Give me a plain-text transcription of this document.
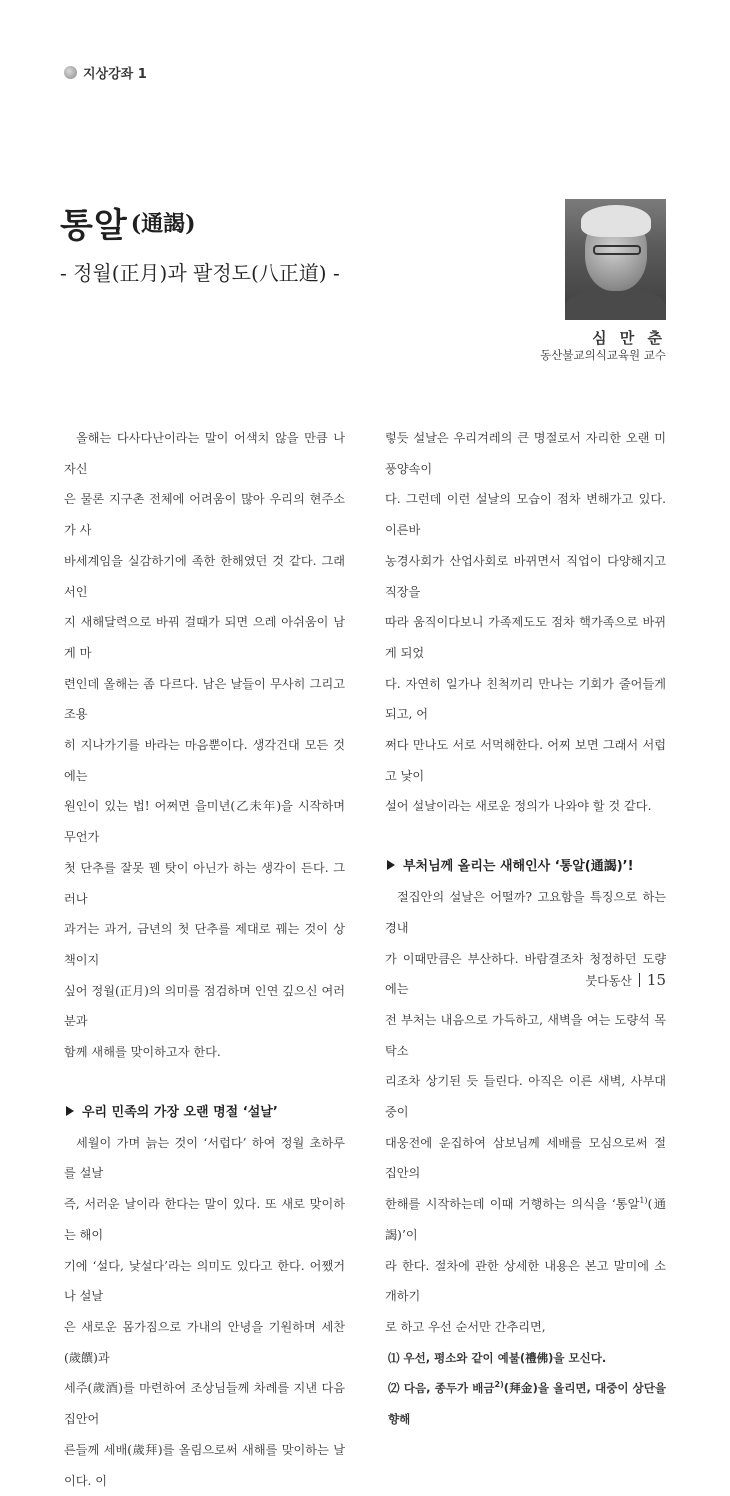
지상강좌 1
통알 (通謁)
- 정월(正月)과 팔정도(八正道) -
심 만 춘
동산불교의식교육원 교수

올해는 다사다난이라는 말이 어색치 않을 만큼 나 자신

은 물론 지구촌 전체에 어려움이 많아 우리의 현주소가 사

바세계임을 실감하기에 족한 한해였던 것 같다. 그래서인

지 새해달력으로 바꿔 걸때가 되면 으레 아쉬움이 남게 마

련인데 올해는 좀 다르다. 남은 날들이 무사히 그리고 조용

히 지나가기를 바라는 마음뿐이다. 생각건대 모든 것에는

원인이 있는 법! 어쩌면 을미년(乙未年)을 시작하며 무언가

첫 단추를 잘못 꿴 탓이 아닌가 하는 생각이 든다. 그러나

과거는 과거, 금년의 첫 단추를 제대로 꿰는 것이 상책이지

싶어 정월(正月)의 의미를 점검하며 인연 깊으신 여러분과

함께 새해를 맞이하고자 한다.

우리 민족의 가장 오랜 명절 ‘설날’

세월이 가며 늙는 것이 ‘서럽다’ 하여 정월 초하루를 설날

즉, 서러운 날이라 한다는 말이 있다. 또 새로 맞이하는 해이

기에 ‘설다, 낯설다’라는 의미도 있다고 한다. 어쨌거나 설날

은 새로운 몸가짐으로 가내의 안녕을 기원하며 세찬(歲饌)과

세주(歲酒)를 마련하여 조상님들께 차례를 지낸 다음 집안어

른들께 세배(歲拜)를 올림으로써 새해를 맞이하는 날이다. 이

렇듯 설날은 우리겨레의 큰 명절로서 자리한 오랜 미풍양속이

다. 그런데 이런 설날의 모습이 점차 변해가고 있다. 이른바

농경사회가 산업사회로 바뀌면서 직업이 다양해지고 직장을

따라 움직이다보니 가족제도도 점차 핵가족으로 바뀌게 되었

다. 자연히 일가나 친척끼리 만나는 기회가 줄어들게 되고, 어

쩌다 만나도 서로 서먹해한다. 어찌 보면 그래서 서럽고 낯이

설어 설날이라는 새로운 정의가 나와야 할 것 같다.

부처님께 올리는 새해인사 ‘통알(通謁)’!

절집안의 설날은 어떨까? 고요함을 특징으로 하는 경내

가 이때만큼은 부산하다. 바람결조차 청정하던 도량에는

전 부처는 내음으로 가득하고, 새벽을 여는 도량석 목탁소

리조차 상기된 듯 들린다. 아직은 이른 새벽, 사부대중이

대웅전에 운집하여 삼보님께 세배를 모심으로써 절 집안의

한해를 시작하는데 이때 거행하는 의식을 ‘통알$^{1)}$(通謁)’이

라 한다. 절차에 관한 상세한 내용은 본고 말미에 소개하기

로 하고 우선 순서만 간추리면,

⑴ 우선, 평소와 같이 예불(禮佛)을 모신다.

⑵ 다음, 종두가 배금$^{2)}$(拜金)을 올리면, 대중이 상단을 향해

붓다동산 15
